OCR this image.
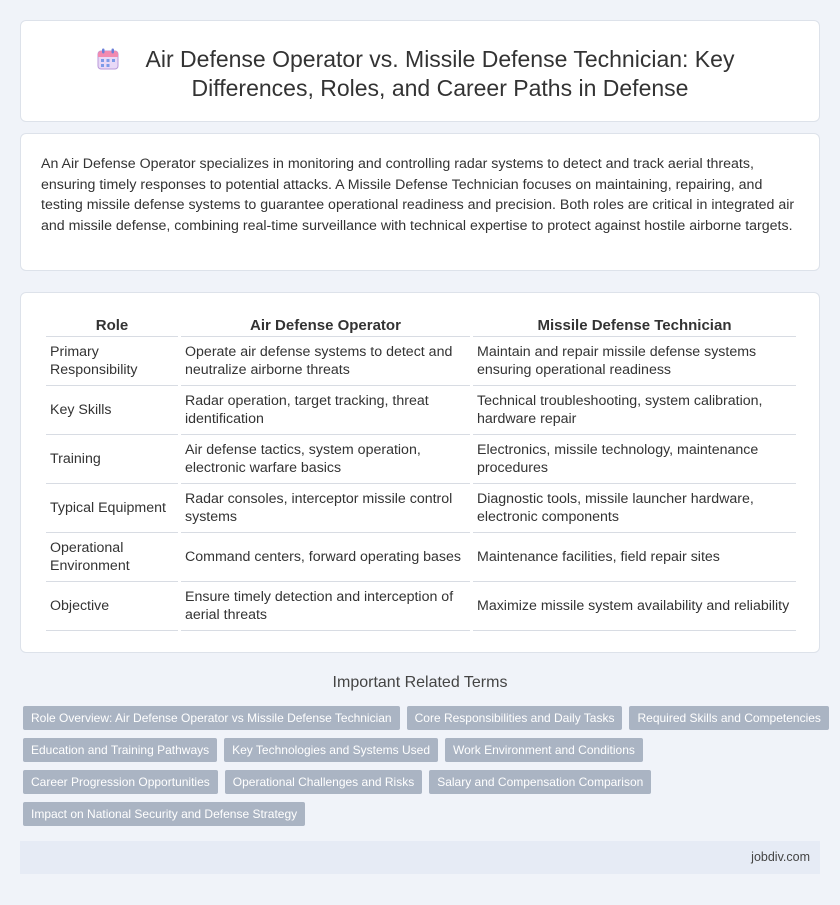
Air Defense Operator vs. Missile Defense Technician: Key
Differences, Roles, and Career Paths in Defense

An Air Defense Operator specializes in monitoring and controlling radar systems to detect and track aerial threats, ensuring timely responses to potential attacks. A Missile Defense Technician focuses on maintaining, repairing, and testing missile defense systems to guarantee operational readiness and precision. Both roles are critical in integrated air and missile defense, combining real-time surveillance with technical expertise to protect against hostile airborne targets.

Role	Air Defense Operator	Missile Defense Technician
Primary Responsibility	Operate air defense systems to detect and neutralize airborne threats	Maintain and repair missile defense systems ensuring operational readiness
Key Skills	Radar operation, target tracking, threat identification	Technical troubleshooting, system calibration, hardware repair
Training	Air defense tactics, system operation, electronic warfare basics	Electronics, missile technology, maintenance procedures
Typical Equipment	Radar consoles, interceptor missile control systems	Diagnostic tools, missile launcher hardware, electronic components
Operational Environment	Command centers, forward operating bases	Maintenance facilities, field repair sites
Objective	Ensure timely detection and interception of aerial threats	Maximize missile system availability and reliability
Important Related Terms
Role Overview: Air Defense Operator vs Missile Defense Technician	Core Responsibilities and Daily Tasks	Required Skills and Competencies
Education and Training Pathways	Key Technologies and Systems Used	Work Environment and Conditions
Career Progression Opportunities	Operational Challenges and Risks	Salary and Compensation Comparison
Impact on National Security and Defense Strategy
jobdiv.com
